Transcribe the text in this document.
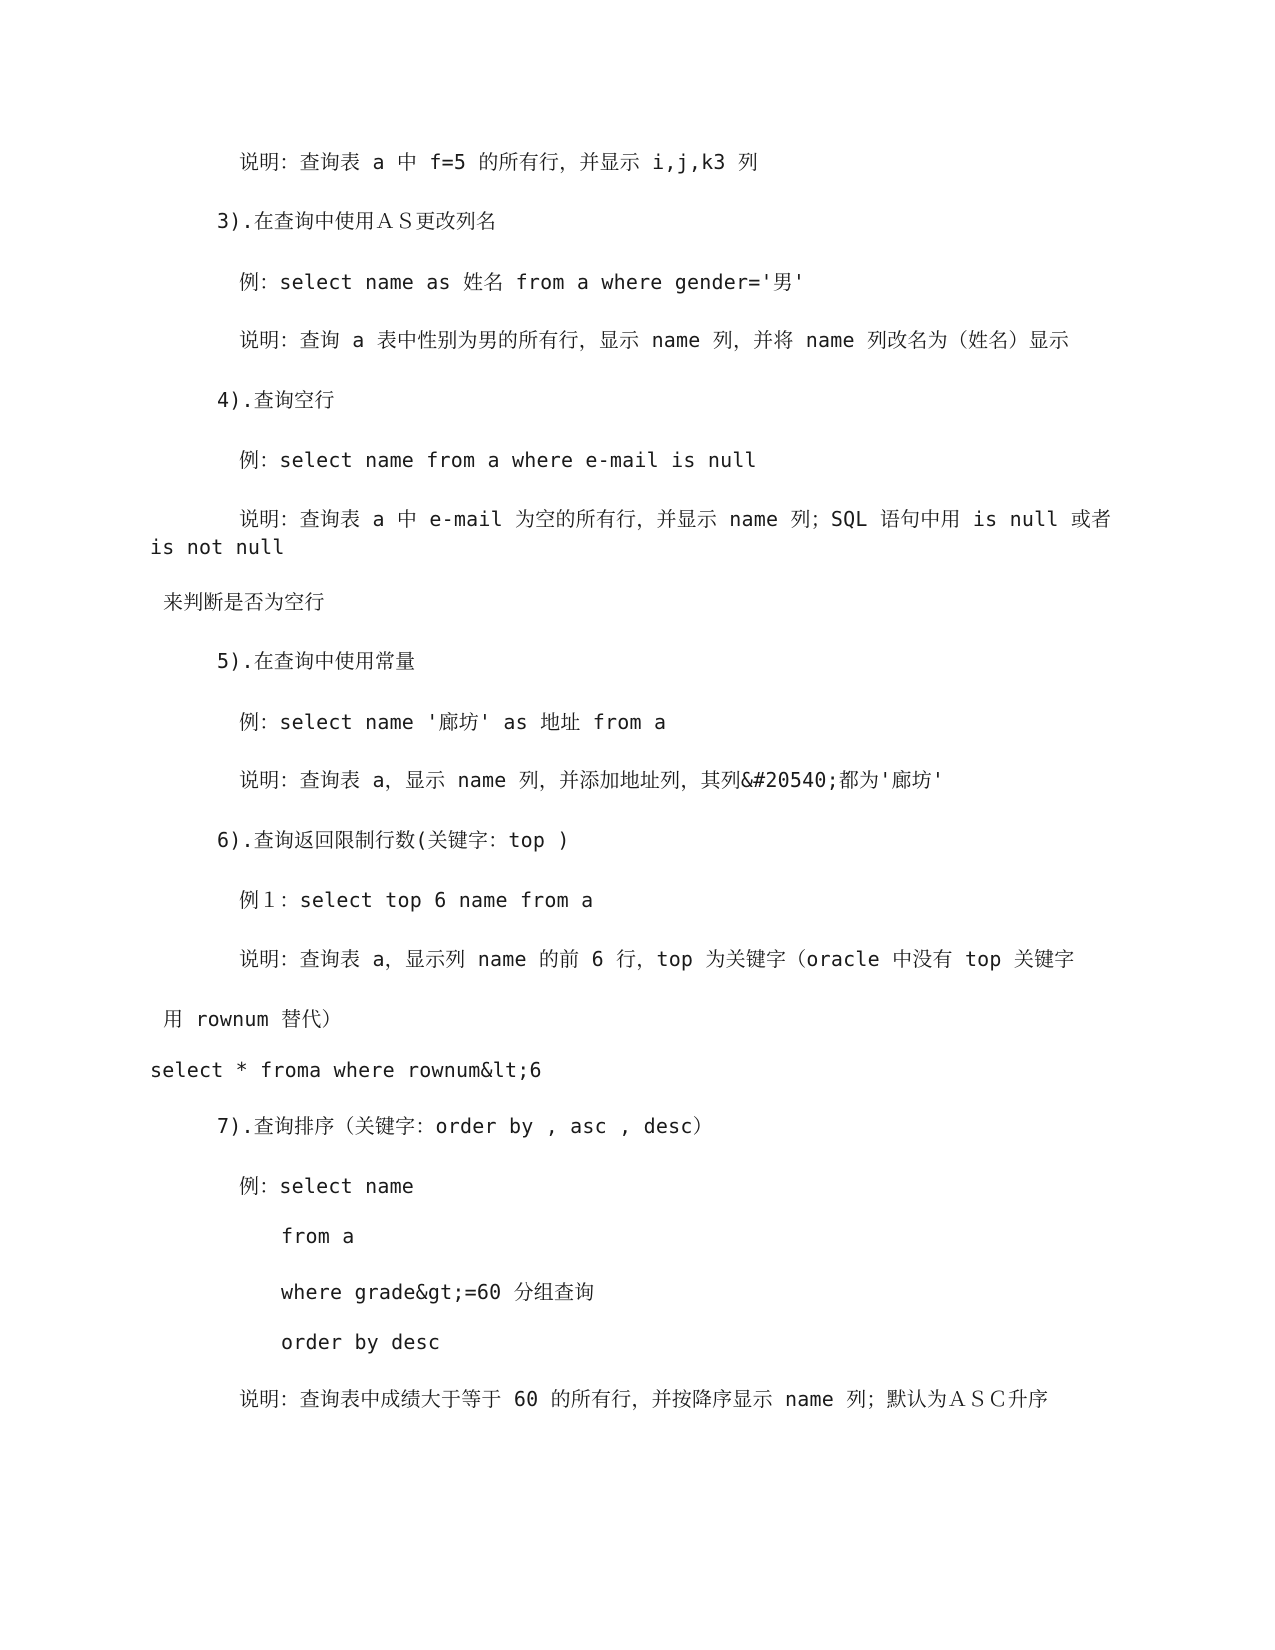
说明：查询表 a 中 f=5 的所有行，并显示 i,j,k3 列
3).在查询中使用ＡＳ更改列名
例：select name as 姓名 from a where gender='男'
说明：查询 a 表中性别为男的所有行，显示 name 列，并将 name 列改名为（姓名）显示
4).查询空行
例：select name from a where e-mail is null
说明：查询表 a 中 e-mail 为空的所有行，并显示 name 列；SQL 语句中用 is null 或者
is not null
来判断是否为空行
5).在查询中使用常量
例：select name '廊坊' as 地址 from a
说明：查询表 a，显示 name 列，并添加地址列，其列&#20540;都为'廊坊'
6).查询返回限制行数(关键字：top )
例１：select top 6 name from a
说明：查询表 a，显示列 name 的前 6 行，top 为关键字（oracle 中没有 top 关键字
用 rownum 替代）
select * froma where rownum&lt;6
7).查询排序（关键字：order by , asc , desc）
例：select name
from a
where grade&gt;=60 分组查询
order by desc
说明：查询表中成绩大于等于 60 的所有行，并按降序显示 name 列；默认为ＡＳＣ升序
